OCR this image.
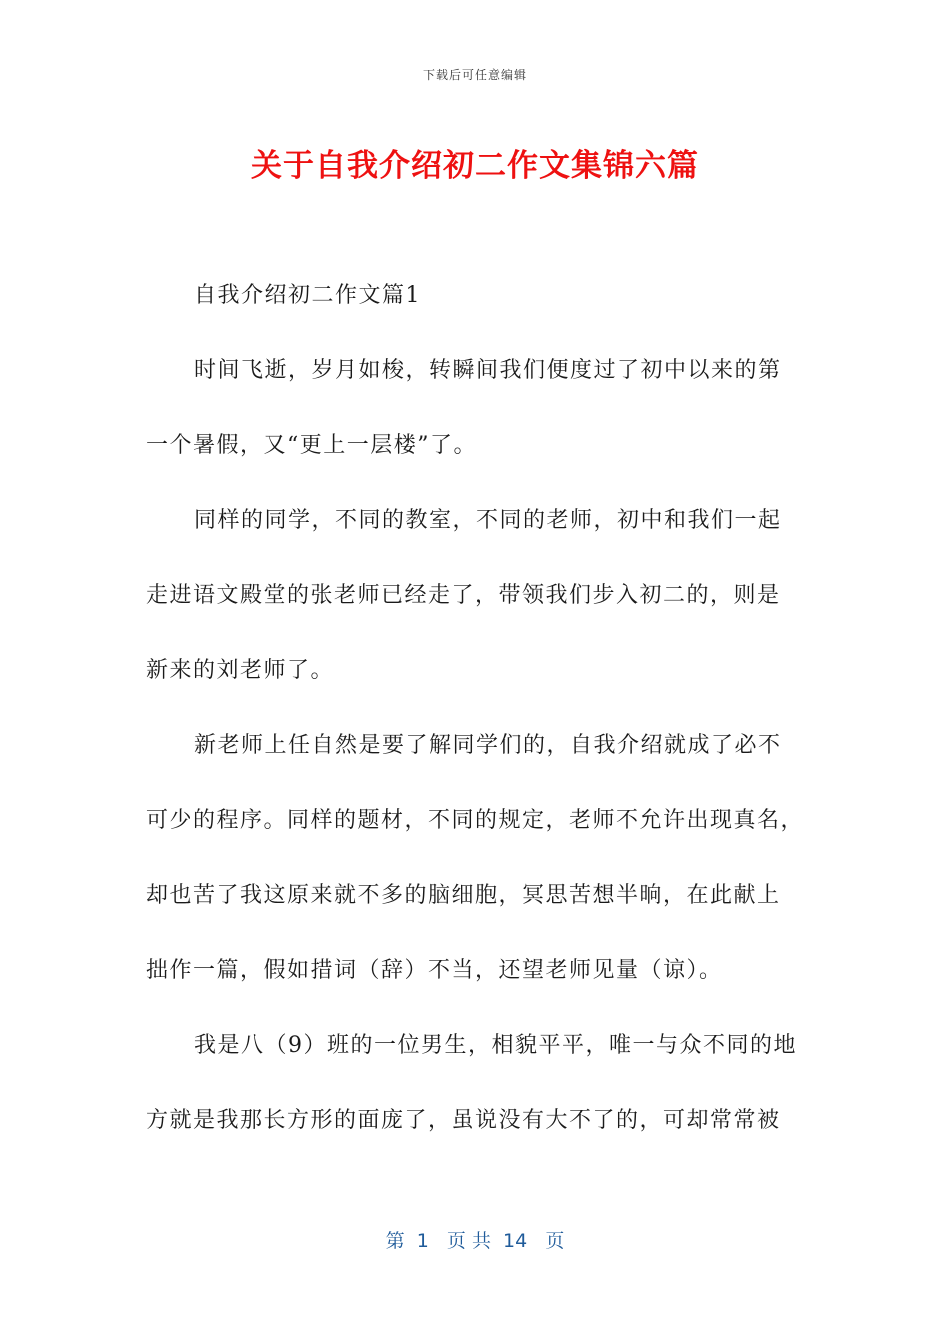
下载后可任意编辑
关于自我介绍初二作文集锦六篇
自我介绍初二作文篇1
时间飞逝，岁月如梭，转瞬间我们便度过了初中以来的第
一个暑假，又“更上一层楼”了。
同样的同学，不同的教室，不同的老师，初中和我们一起
走进语文殿堂的张老师已经走了，带领我们步入初二的，则是
新来的刘老师了。
新老师上任自然是要了解同学们的，自我介绍就成了必不
可少的程序。同样的题材，不同的规定，老师不允许出现真名，
却也苦了我这原来就不多的脑细胞，冥思苦想半晌，在此献上
拙作一篇，假如措词（辞）不当，还望老师见量（谅）。
我是八（9）班的一位男生，相貌平平，唯一与众不同的地
方就是我那长方形的面庞了，虽说没有大不了的，可却常常被
第  1   页 共  14   页
